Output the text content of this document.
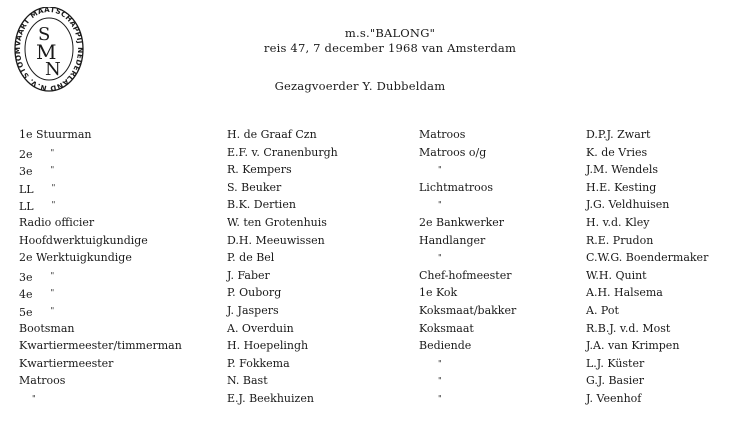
N.V. STOO AART MAATSCHAPPIJ EDERLAND
S
M
N
m.s."BALONG"
reis 47, 7 december 1968 van Amsterdam
Gezagvoerder Y. Dubbeldam
1e Stuurman
2e "
3e "
LL "
LL "
Radio officier
Hoofdwerktuigkundige
2e Werktuigkundige
3e "
4e "
5e "
Bootsman
Kwartiermeester/timmerman
Kwartiermeester
Matroos
"
H. de Graaf Czn
E.F. v. Cranenburgh
R. Kempers
S. Beuker
B.K. Dertien
W. ten Grotenhuis
D.H. Meeuwissen
P. de Bel
J. Faber
P. Ouborg
J. Jaspers
A. Overduin
H. Hoepelingh
P. Fokkema
N. Bast
E.J. Beekhuizen
Matroos
Matroos o/g
"
Lichtmatroos
"
2e Bankwerker
Handlanger
"
Chef-hofmeester
1e Kok
Koksmaat/bakker
Koksmaat
Bediende
"
"
"
D.P.J. Zwart
K. de Vries
J.M. Wendels
H.E. Kesting
J.G. Veldhuisen
H. v.d. Kley
R.E. Prudon
C.W.G. Boendermaker
W.H. Quint
A.H. Halsema
A. Pot
R.B.J. v.d. Most
J.A. van Krimpen
L.J. Küster
G.J. Basier
J. Veenhof
